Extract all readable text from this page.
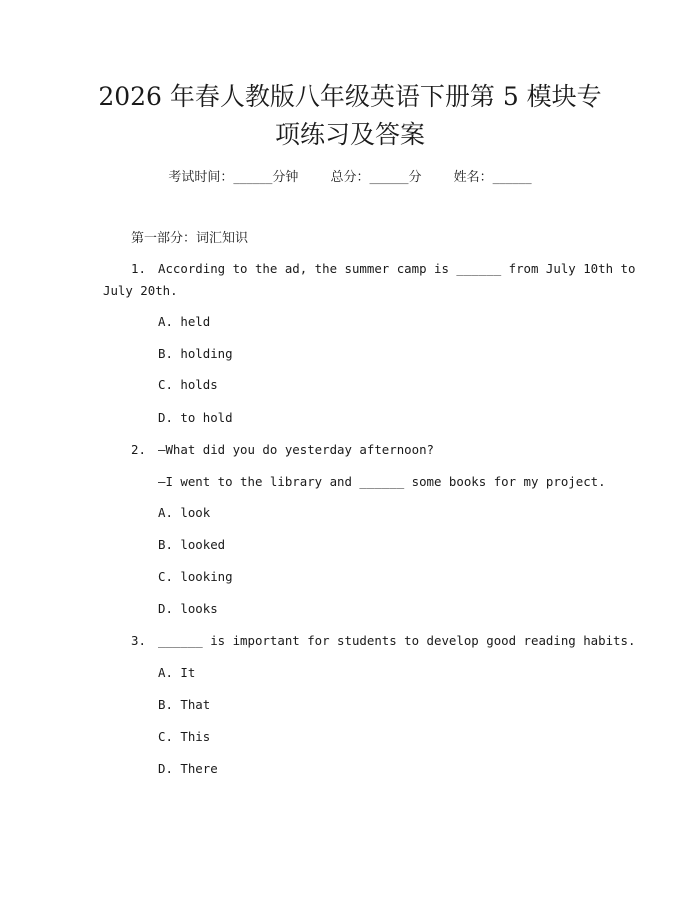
2026 年春人教版八年级英语下册第 5 模块专
项练习及答案
考试时间：______分钟 总分：______分 姓名：______
第一部分：词汇知识

1.

According to the ad, the summer camp is ______ from July 10th to

July 20th.

A. held

B. holding

C. holds

D. to hold

2.

—What did you do yesterday afternoon?

—I went to the library and ______ some books for my project.

A. look

B. looked

C. looking

D. looks

3.

______ is important for students to develop good reading habits.

A. It

B. That

C. This

D. There
